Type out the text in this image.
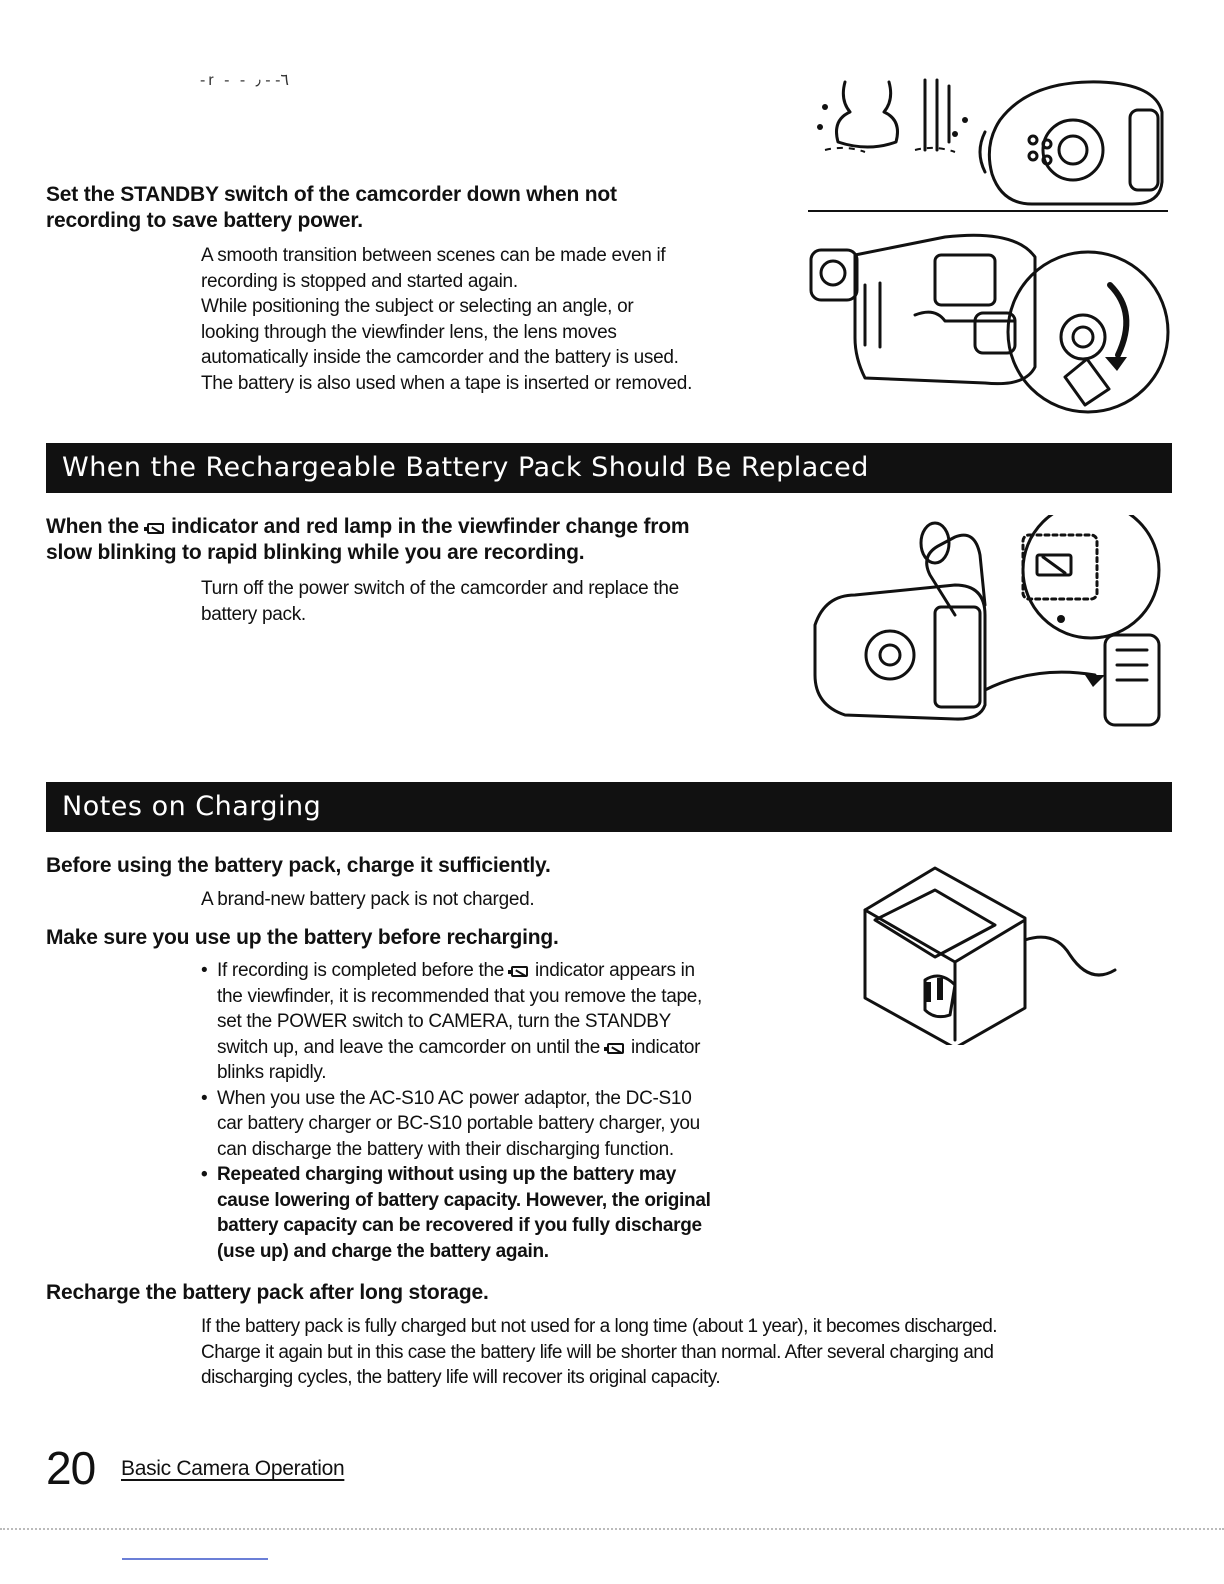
-r - - ٦- - ٫
Set the STANDBY switch of the camcorder down when not
recording to save battery power.
A smooth transition between scenes can be made even if
recording is stopped and started again.
While positioning the subject or selecting an angle, or
looking through the viewfinder lens, the lens moves
automatically inside the camcorder and the battery is used.
The battery is also used when a tape is inserted or removed.
When the Rechargeable Battery Pack Should Be Replaced
When the indicator and red lamp in the viewfinder change from
slow blinking to rapid blinking while you are recording.
Turn off the power switch of the camcorder and replace the
battery pack.
Notes on Charging
Before using the battery pack, charge it sufficiently.
A brand-new battery pack is not charged.
Make sure you use up the battery before recharging.
• If recording is completed before the indicator appears in
the viewfinder, it is recommended that you remove the tape,
set the POWER switch to CAMERA, turn the STANDBY
switch up, and leave the camcorder on until the indicator
blinks rapidly.
• When you use the AC-S10 AC power adaptor, the DC-S10
car battery charger or BC-S10 portable battery charger, you
can discharge the battery with their discharging function.
• Repeated charging without using up the battery may
cause lowering of battery capacity. However, the original
battery capacity can be recovered if you fully discharge
(use up) and charge the battery again.
Recharge the battery pack after long storage.
If the battery pack is fully charged but not used for a long time (about 1 year), it becomes discharged.
Charge it again but in this case the battery life will be shorter than normal. After several charging and
discharging cycles, the battery life will recover its original capacity.
20 Basic Camera Operation
